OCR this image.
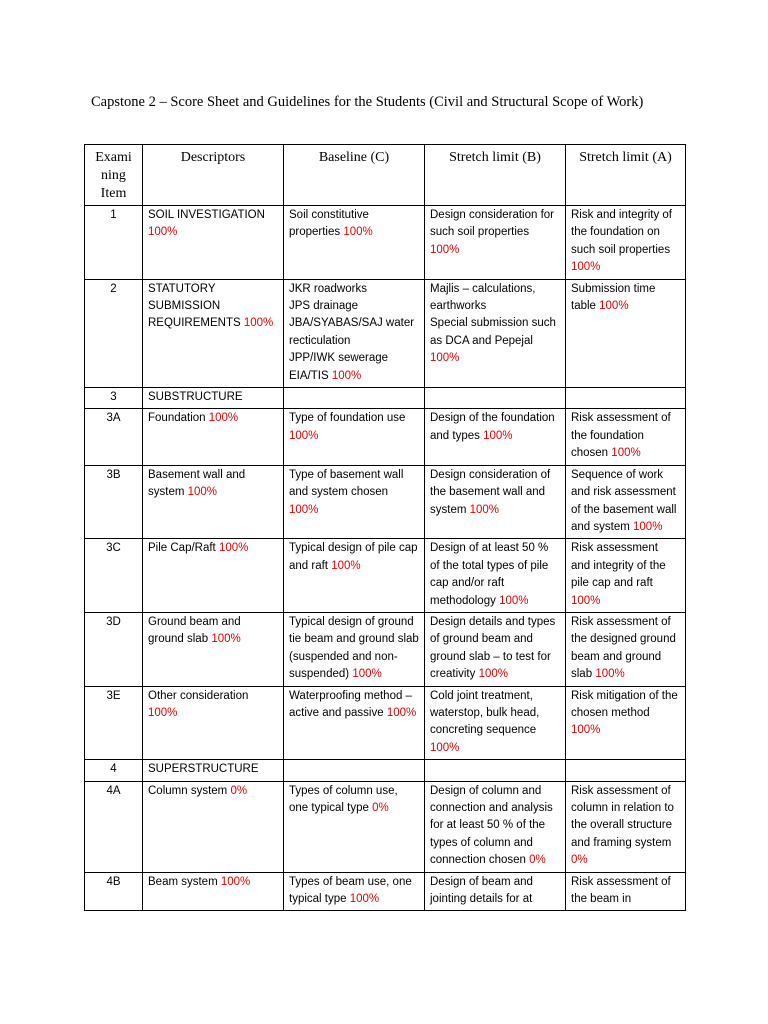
Capstone 2 – Score Sheet and Guidelines for the Students (Civil and Structural Scope of Work)
Exami ning Item	Descriptors	Baseline (C)	Stretch limit (B)	Stretch limit (A)
1	SOIL INVESTIGATION 100%	Soil constitutive properties 100%	Design consideration for such soil properties 100%	Risk and integrity of the foundation on such soil properties 100%
2	STATUTORY SUBMISSION REQUIREMENTS 100%	JKR roadworks
JPS drainage
JBA/SYABAS/SAJ water recticulation
JPP/IWK sewerage
EIA/TIS 100%	Majlis – calculations, earthworks
Special submission such as DCA and Pepejal 100%	Submission time table 100%
3	SUBSTRUCTURE			
3A	Foundation 100%	Type of foundation use 100%	Design of the foundation and types 100%	Risk assessment of the foundation chosen 100%
3B	Basement wall and system 100%	Type of basement wall and system chosen 100%	Design consideration of the basement wall and system 100%	Sequence of work and risk assessment of the basement wall and system 100%
3C	Pile Cap/Raft 100%	Typical design of pile cap and raft 100%	Design of at least 50 % of the total types of pile cap and/or raft methodology 100%	Risk assessment and integrity of the pile cap and raft 100%
3D	Ground beam and ground slab 100%	Typical design of ground tie beam and ground slab (suspended and non-suspended) 100%	Design details and types of ground beam and ground slab – to test for creativity 100%	Risk assessment of the designed ground beam and ground slab 100%
3E	Other consideration 100%	Waterproofing method – active and passive 100%	Cold joint treatment, waterstop, bulk head, concreting sequence 100%	Risk mitigation of the chosen method 100%
4	SUPERSTRUCTURE			
4A	Column system 0%	Types of column use, one typical type 0%	Design of column and connection and analysis for at least 50 % of the types of column and connection chosen 0%	Risk assessment of column in relation to the overall structure and framing system 0%
4B	Beam system 100%	Types of beam use, one typical type 100%	Design of beam and jointing details for at	Risk assessment of the beam in
